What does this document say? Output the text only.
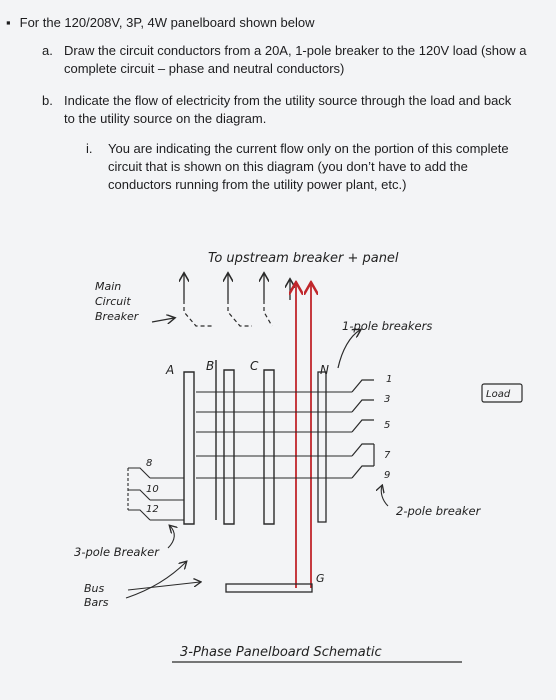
▪ For the 120/208V, 3P, 4W panelboard shown below
a. Draw the circuit conductors from a 20A, 1-pole breaker to the 120V load (show a
complete circuit – phase and neutral conductors)
b. Indicate the flow of electricity from the utility source through the load and back
to the utility source on the diagram.
i. You are indicating the current flow only on the portion of this complete
circuit that is shown on this diagram (you don’t have to add the
conductors running from the utility power plant, etc.)
To upstream breaker + panel
Main
Circuit
Breaker
1-pole breakers
A	B	C	N
1
3
5
7
9
Load
2-pole breaker
8
10
12
3-pole Breaker
Bus
Bars
G
3-Phase Panelboard Schematic
